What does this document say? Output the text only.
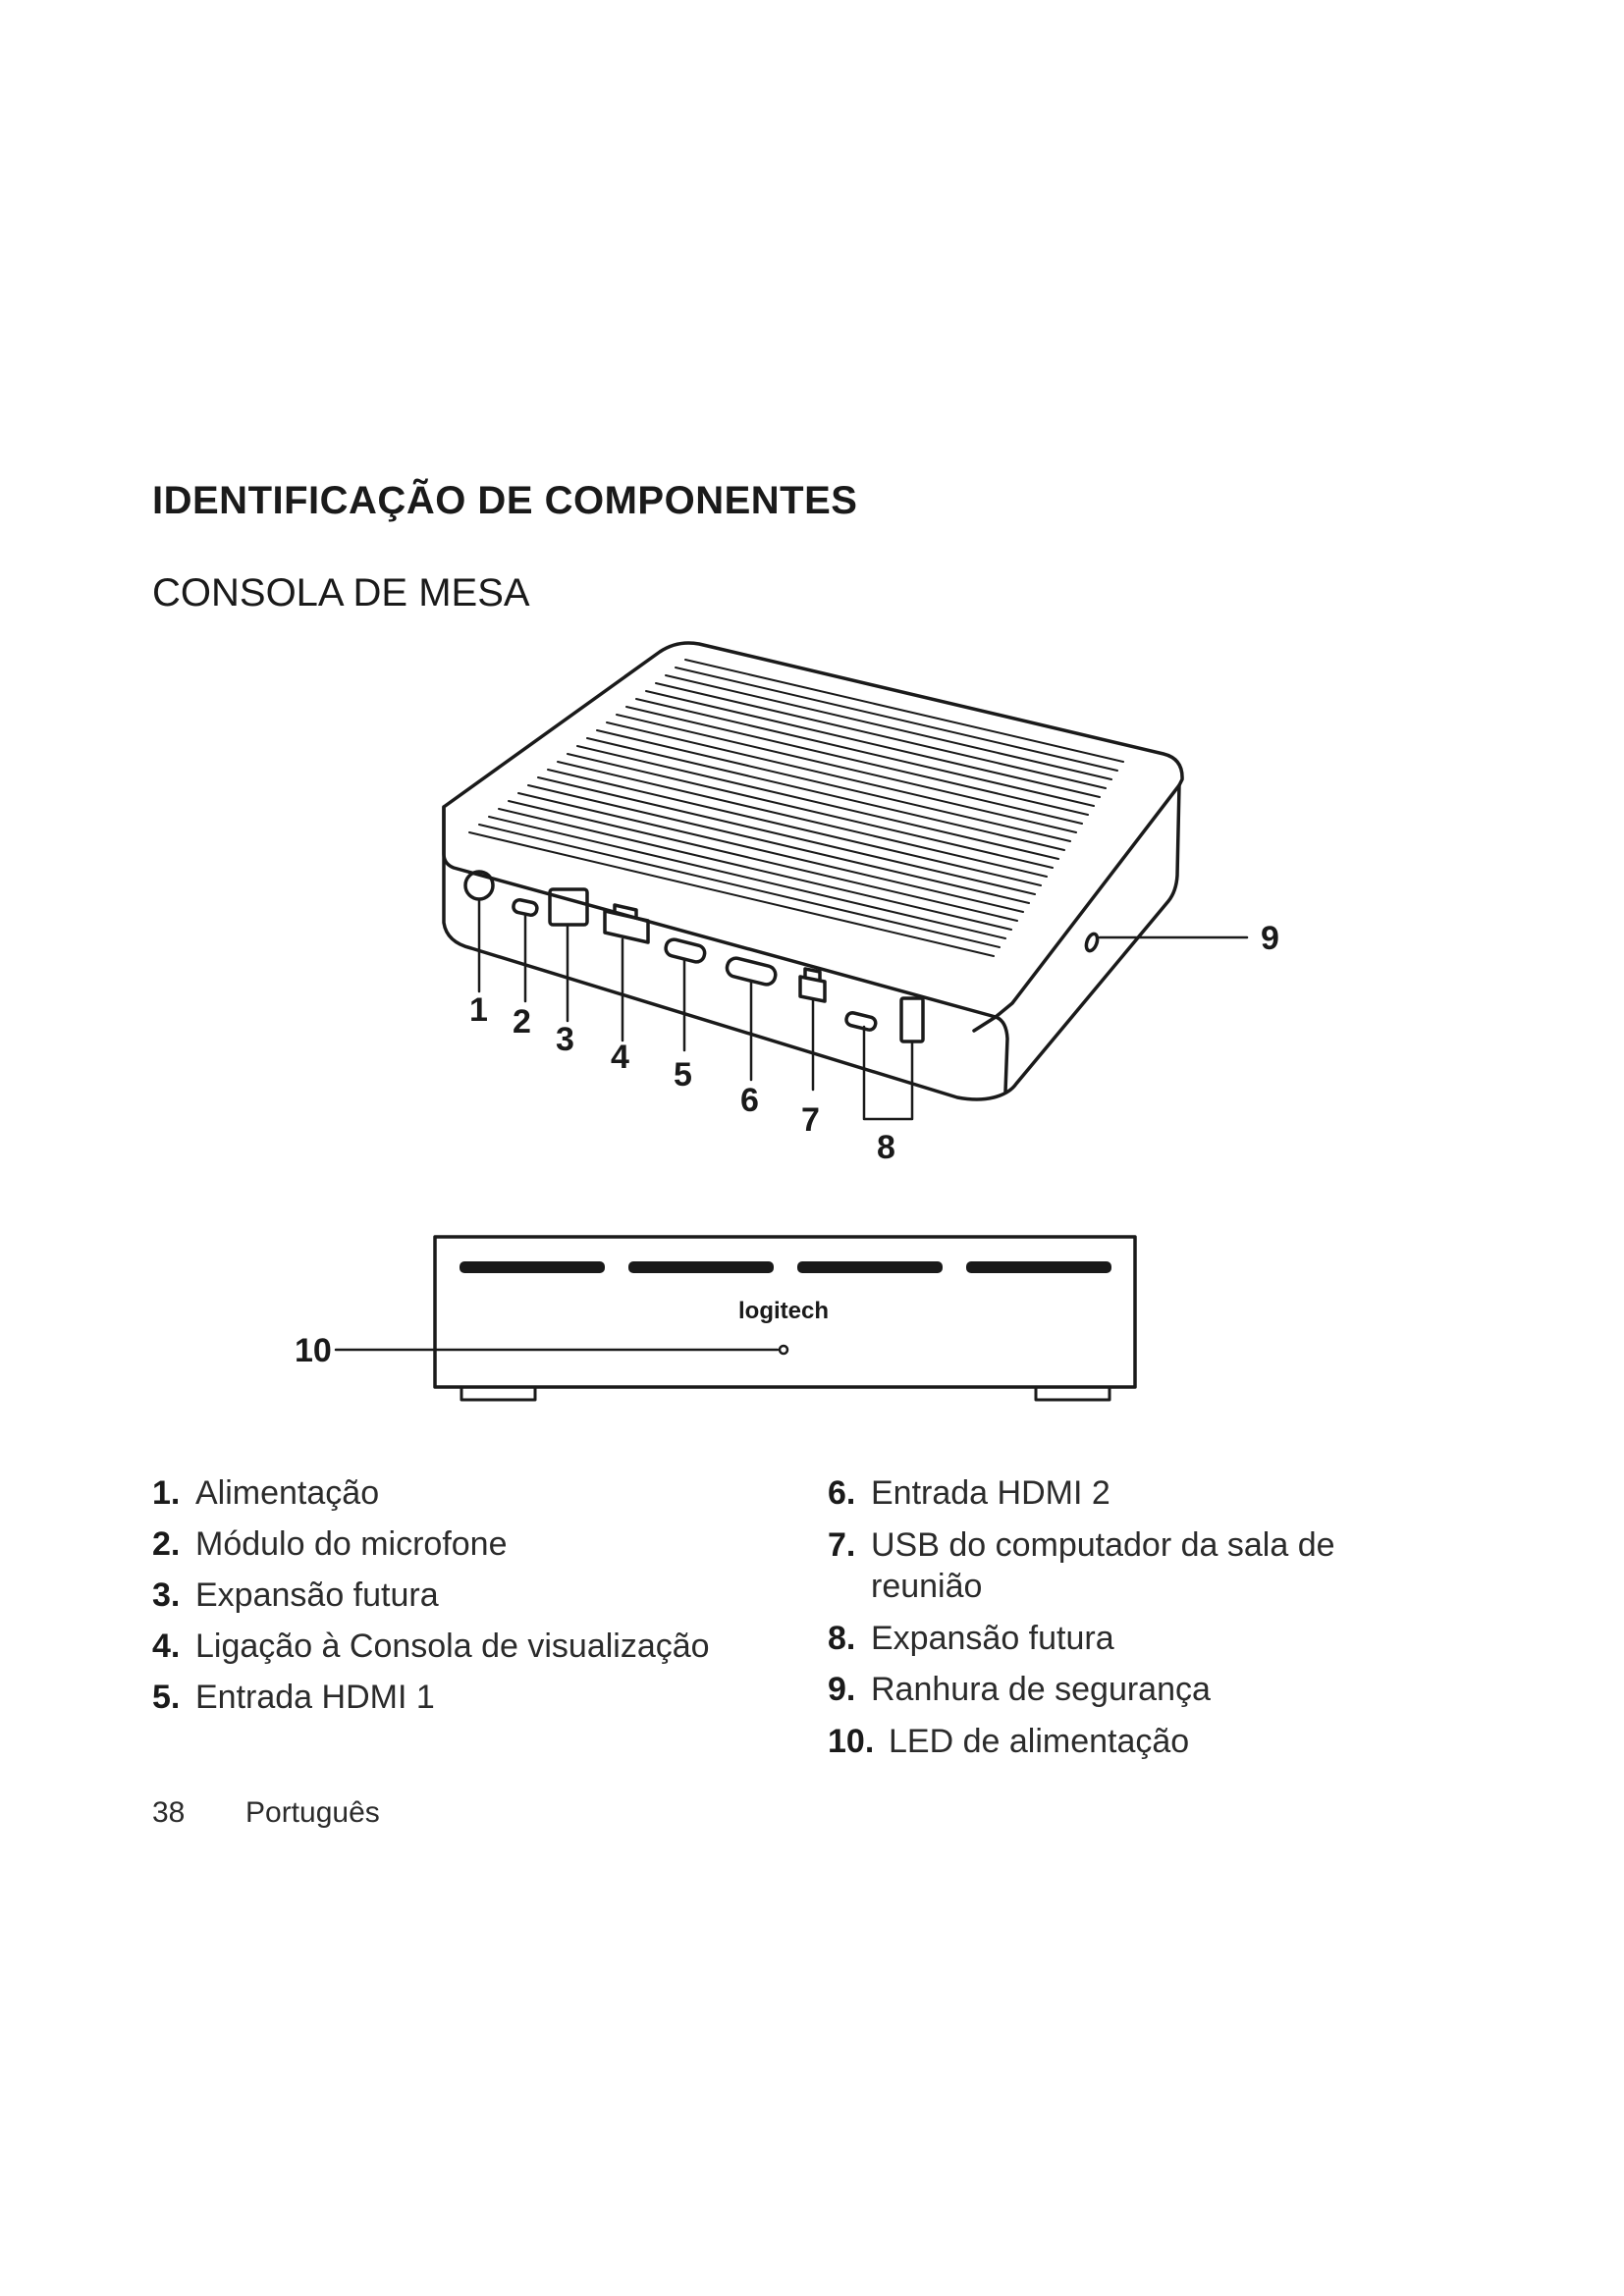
IDENTIFICAÇÃO DE COMPONENTES
CONSOLA DE MESA
1 2 3 4 5
6
7
8
9
10
logitech
1. Alimentação
2. Módulo do microfone
3. Expansão futura
4. Ligação à Consola de visualização
5. Entrada HDMI 1
6. Entrada HDMI 2
7. USB do computador da sala de reunião
8. Expansão futura
9. Ranhura de segurança
10. LED de alimentação
38 Português
